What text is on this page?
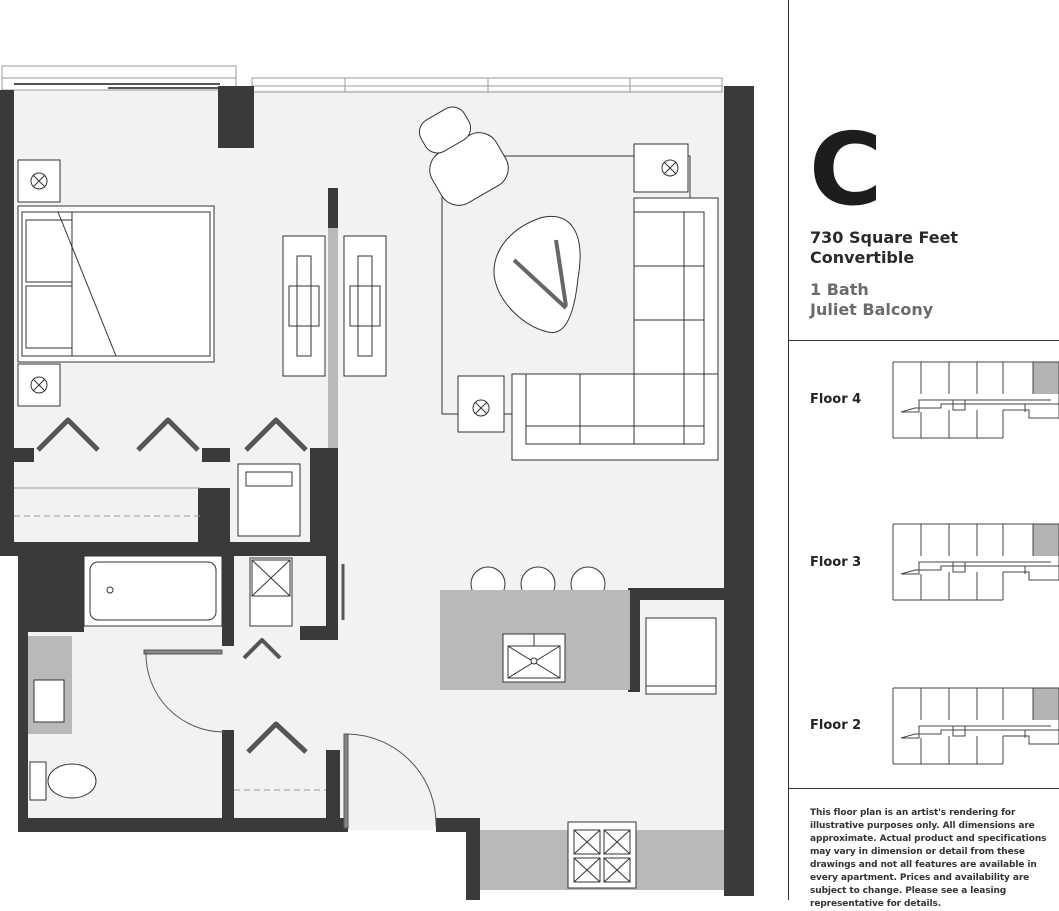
C
730 Square Feet
Convertible
1 Bath
Juliet Balcony
Floor 4
Floor 3
Floor 2
This floor plan is an artist's rendering for illustrative purposes only. All dimensions are approximate. Actual product and specifications may vary in dimension or detail from these drawings and not all features are available in every apartment. Prices and availability are subject to change. Please see a leasing representative for details.
